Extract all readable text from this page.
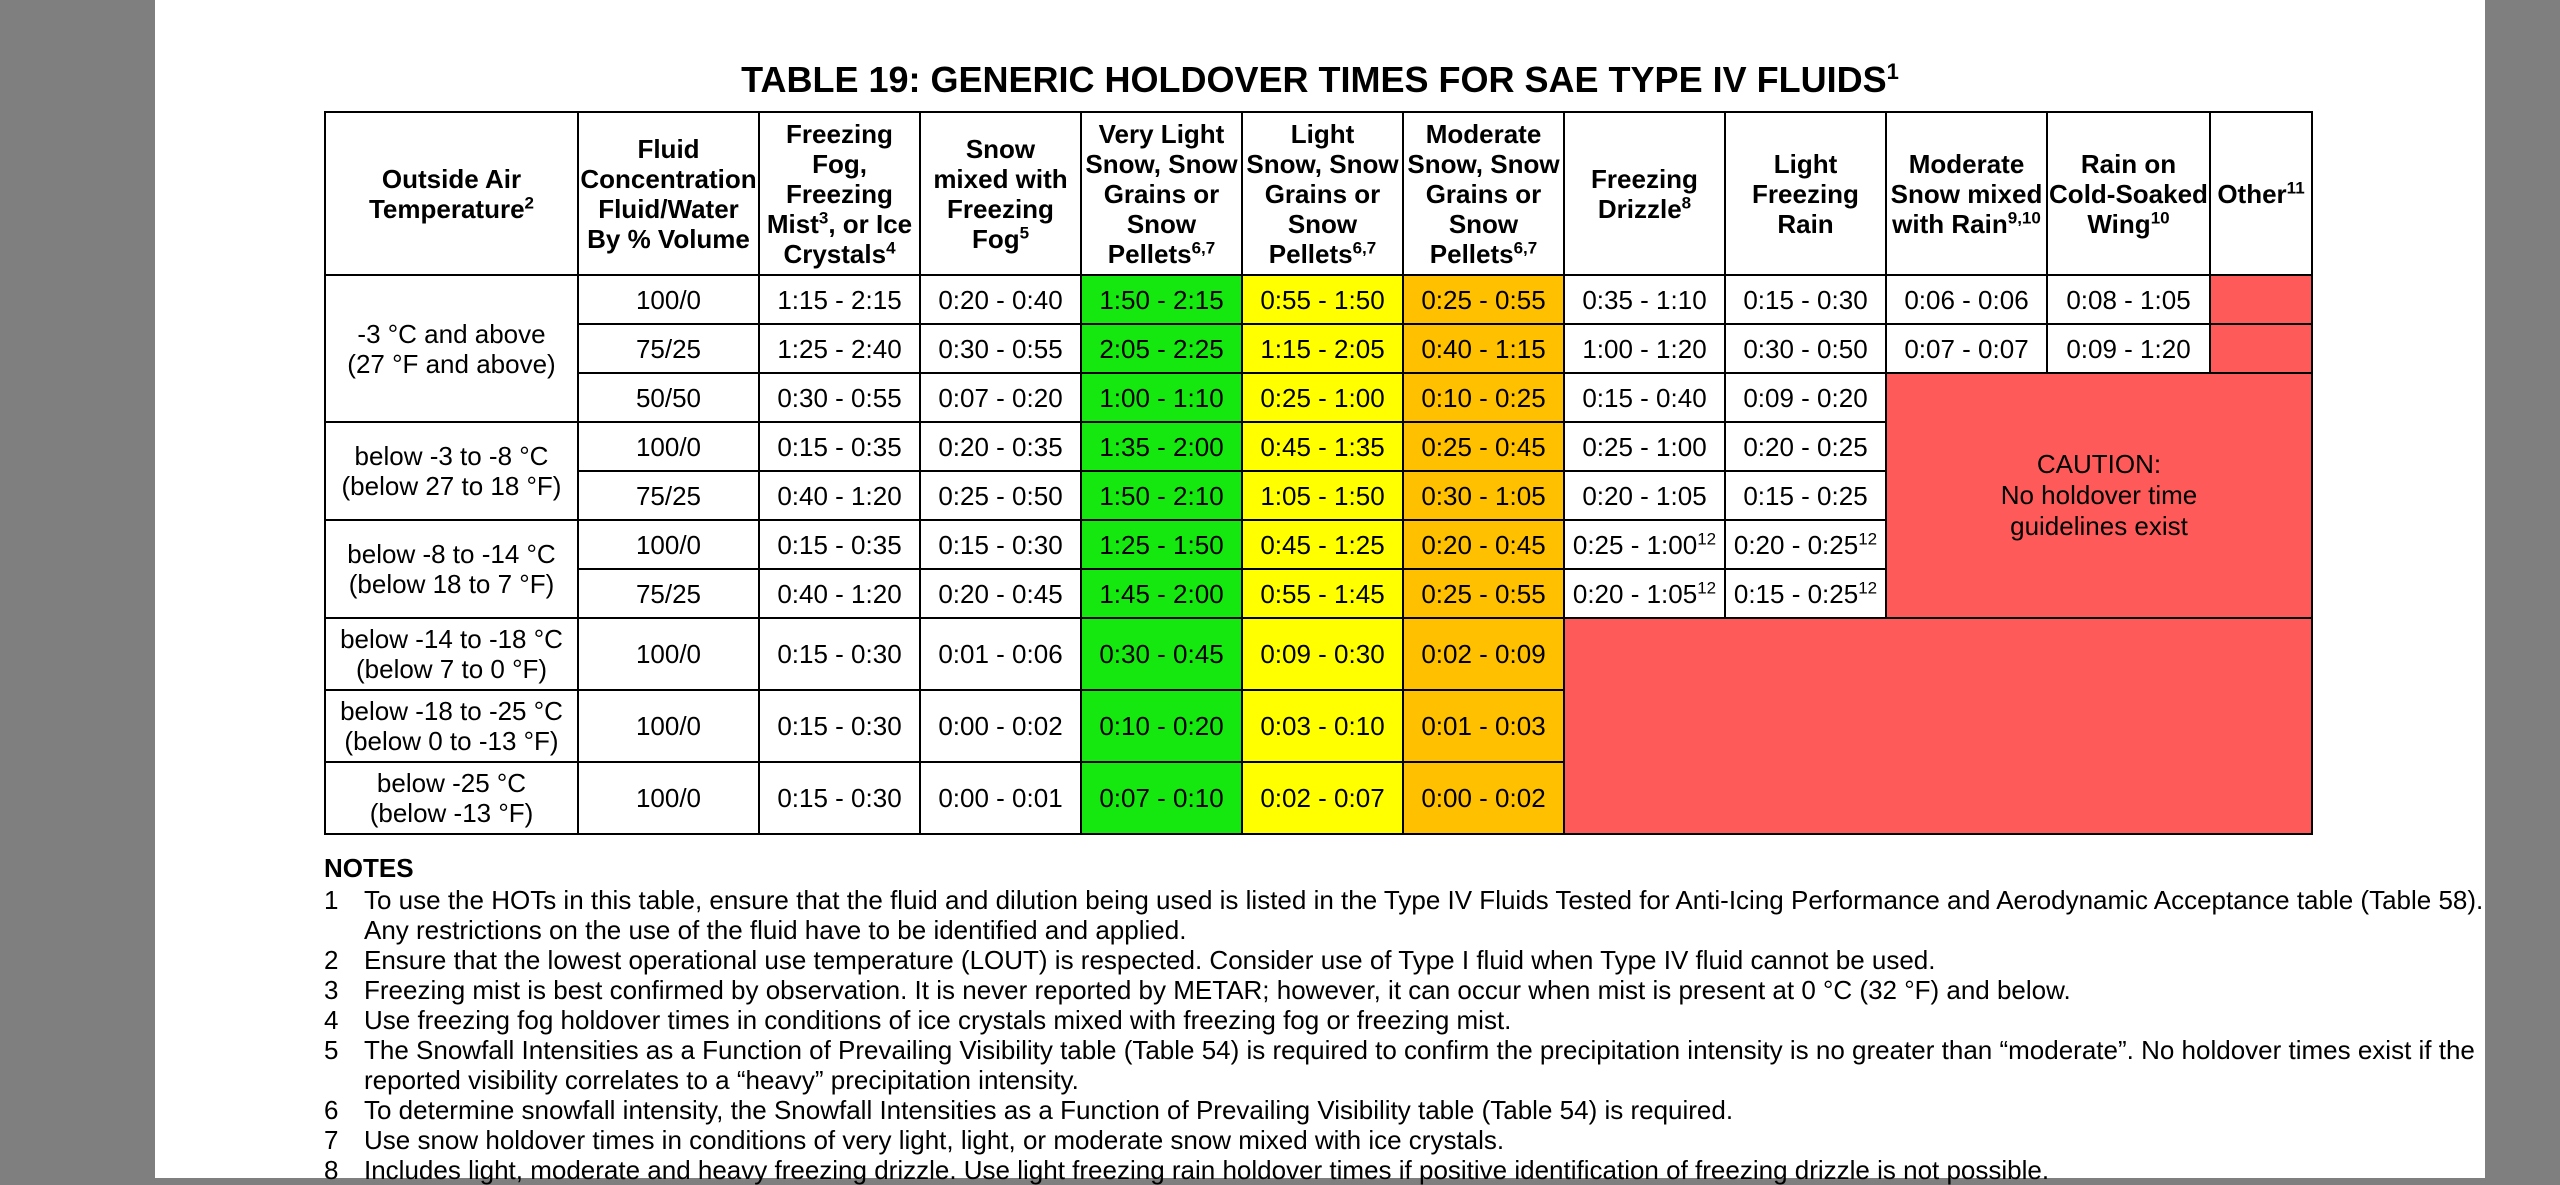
TABLE 19: GENERIC HOLDOVER TIMES FOR SAE TYPE IV FLUIDS$^1$
Outside Air
Temperature$^2$	Fluid
Concentration
Fluid/Water
By % Volume	Freezing
Fog,
Freezing
Mist$^3$, or Ice
Crystals$^4$	Snow
mixed with
Freezing
Fog$^5$	Very Light
Snow, Snow
Grains or
Snow
Pellets$^{6,7}$	Light
Snow, Snow
Grains or
Snow
Pellets$^{6,7}$	Moderate
Snow, Snow
Grains or
Snow
Pellets$^{6,7}$	Freezing
Drizzle$^8$	Light
Freezing
Rain	Moderate
Snow mixed
with Rain$^{9,10}$	Rain on
Cold-Soaked
Wing$^{10}$	Other$^{11}$
-3 °C and above
(27 °F and above)	100/0	1:15 - 2:15	0:20 - 0:40	1:50 - 2:15	0:55 - 1:50	0:25 - 0:55	0:35 - 1:10	0:15 - 0:30	0:06 - 0:06	0:08 - 1:05	
	75/25	1:25 - 2:40	0:30 - 0:55	2:05 - 2:25	1:15 - 2:05	0:40 - 1:15	1:00 - 1:20	0:30 - 0:50	0:07 - 0:07	0:09 - 1:20	
	50/50	0:30 - 0:55	0:07 - 0:20	1:00 - 1:10	0:25 - 1:00	0:10 - 0:25	0:15 - 0:40	0:09 - 0:20	CAUTION:
No holdover time
guidelines exist		
below -3 to -8 °C
(below 27 to 18 °F)	100/0	0:15 - 0:35	0:20 - 0:35	1:35 - 2:00	0:45 - 1:35	0:25 - 0:45	0:25 - 1:00	0:20 - 0:25			
	75/25	0:40 - 1:20	0:25 - 0:50	1:50 - 2:10	1:05 - 1:50	0:30 - 1:05	0:20 - 1:05	0:15 - 0:25			
below -8 to -14 °C
(below 18 to 7 °F)	100/0	0:15 - 0:35	0:15 - 0:30	1:25 - 1:50	0:45 - 1:25	0:20 - 0:45	0:25 - $1:00^{12}$	0:20 - $0:25^{12}$
	75/25	0:40 - 1:20	0:20 - 0:45	1:45 - 2:00	0:55 - 1:45	0:25 - 0:55	0:20 - $1:05^{12}$	0:15 - $0:25^{12}$
below -14 to -18 °C
(below 7 to 0 °F)	100/0	0:15 - 0:30	0:01 - 0:06	0:30 - 0:45	0:09 - 0:30	0:02 - 0:09					
below -18 to -25 °C
(below 0 to -13 °F)	100/0	0:15 - 0:30	0:00 - 0:02	0:10 - 0:20	0:03 - 0:10	0:01 - 0:03					
below -25 °C
(below -13 °F)	100/0	0:15 - 0:30	0:00 - 0:01	0:07 - 0:10	0:02 - 0:07	0:00 - 0:02					
NOTES
1 To use the HOTs in this table, ensure that the fluid and dilution being used is listed in the Type IV Fluids Tested for Anti-Icing Performance and Aerodynamic Acceptance table (Table 58). Any restrictions on the use of the fluid have to be identified and applied.
2 Ensure that the lowest operational use temperature (LOUT) is respected. Consider use of Type I fluid when Type IV fluid cannot be used.
3 Freezing mist is best confirmed by observation. It is never reported by METAR; however, it can occur when mist is present at 0 °C (32 °F) and below.
4 Use freezing fog holdover times in conditions of ice crystals mixed with freezing fog or freezing mist.
5 The Snowfall Intensities as a Function of Prevailing Visibility table (Table 54) is required to confirm the precipitation intensity is no greater than “moderate”. No holdover times exist if the reported visibility correlates to a “heavy” precipitation intensity.
6 To determine snowfall intensity, the Snowfall Intensities as a Function of Prevailing Visibility table (Table 54) is required.
7 Use snow holdover times in conditions of very light, light, or moderate snow mixed with ice crystals.
8 Includes light, moderate and heavy freezing drizzle. Use light freezing rain holdover times if positive identification of freezing drizzle is not possible.
